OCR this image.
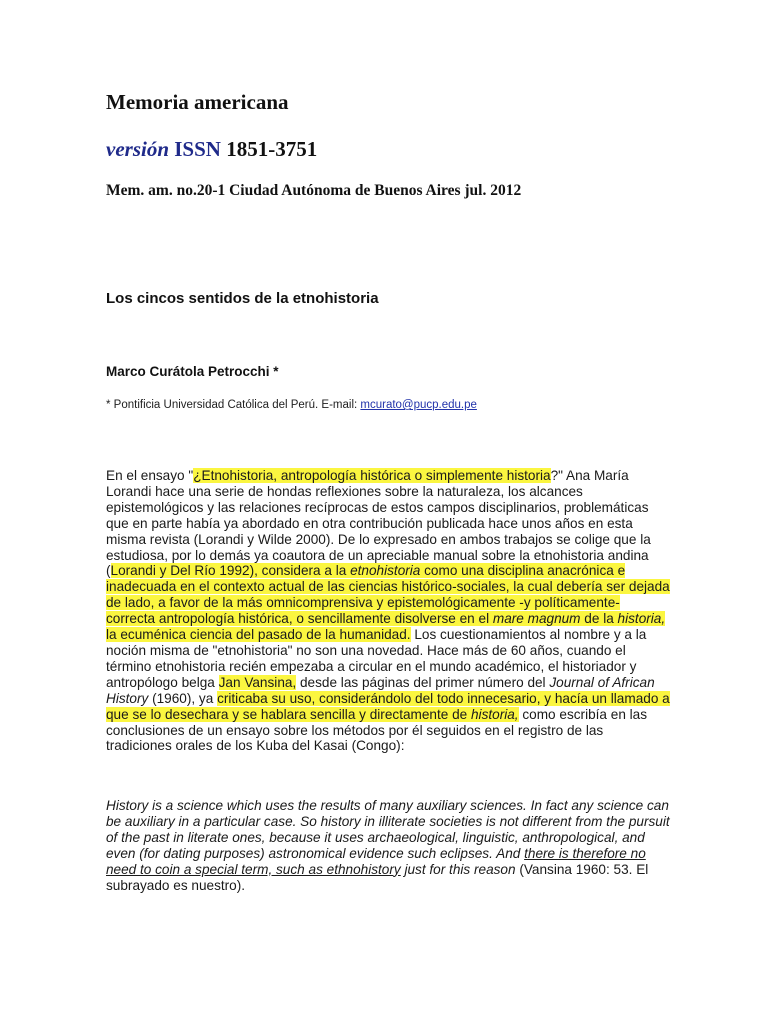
Memoria americana

versión ISSN 1851-3751

Mem. am. no.20-1 Ciudad Autónoma de Buenos Aires jul. 2012

Los cincos sentidos de la etnohistoria

Marco Curátola Petrocchi *

* Pontificia Universidad Católica del Perú. E-mail: mcurato@pucp.edu.pe

En el ensayo "¿Etnohistoria, antropología histórica o simplemente historia?" Ana María Lorandi hace una serie de hondas reflexiones sobre la naturaleza, los alcances epistemológicos y las relaciones recíprocas de estos campos disciplinarios, problemáticas que en parte había ya abordado en otra contribución publicada hace unos años en esta misma revista (Lorandi y Wilde 2000). De lo expresado en ambos trabajos se colige que la estudiosa, por lo demás ya coautora de un apreciable manual sobre la etnohistoria andina (Lorandi y Del Río 1992), considera a la etnohistoria como una disciplina anacrónica e inadecuada en el contexto actual de las ciencias histórico-sociales, la cual debería ser dejada de lado, a favor de la más omnicomprensiva y epistemológicamente -y políticamente- correcta antropología histórica, o sencillamente disolverse en el mare magnum de la historia, la ecuménica ciencia del pasado de la humanidad. Los cuestionamientos al nombre y a la noción misma de "etnohistoria" no son una novedad. Hace más de 60 años, cuando el término etnohistoria recién empezaba a circular en el mundo académico, el historiador y antropólogo belga Jan Vansina, desde las páginas del primer número del Journal of African History (1960), ya criticaba su uso, considerándolo del todo innecesario, y hacía un llamado a que se lo desechara y se hablara sencilla y directamente de historia, como escribía en las conclusiones de un ensayo sobre los métodos por él seguidos en el registro de las tradiciones orales de los Kuba del Kasai (Congo):

History is a science which uses the results of many auxiliary sciences. In fact any science can be auxiliary in a particular case. So history in illiterate societies is not different from the pursuit of the past in literate ones, because it uses archaeological, linguistic, anthropological, and even (for dating purposes) astronomical evidence such eclipses. And there is therefore no need to coin a special term, such as ethnohistory just for this reason (Vansina 1960: 53. El subrayado es nuestro).
